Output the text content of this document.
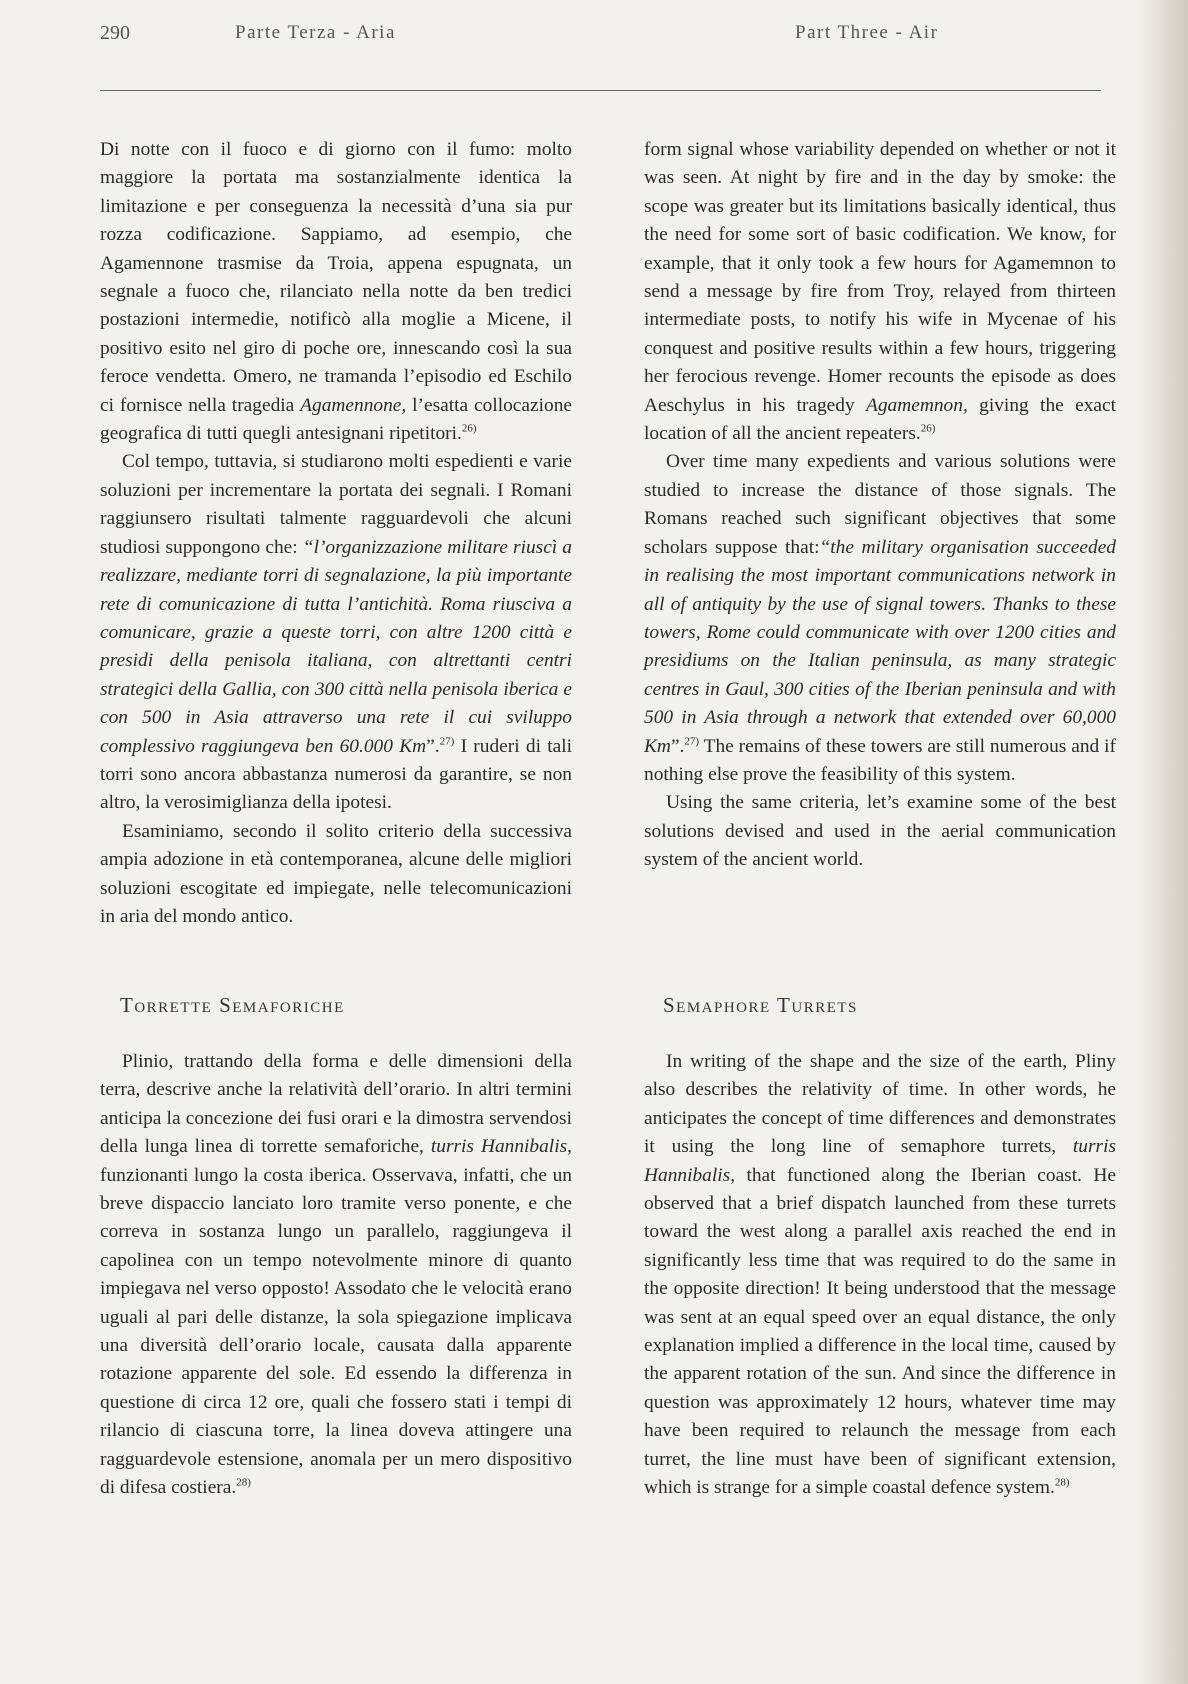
290	Parte Terza - Aria	Part Three - Air

Di notte con il fuoco e di giorno con il fumo: molto maggiore la portata ma sostanzialmente identica la limitazione e per conseguenza la necessità d’una sia pur rozza codificazione. Sappiamo, ad esempio, che Agamennone trasmise da Troia, appena espugnata, un segnale a fuoco che, rilanciato nella notte da ben tredici postazioni intermedie, notificò alla moglie a Micene, il positivo esito nel giro di poche ore, innescando così la sua feroce vendetta. Omero, ne tramanda l’episodio ed Eschilo ci fornisce nella tragedia Agamennone, l’esatta collocazione geografica di tutti quegli antesignani ripetitori.$^{26)}$

Col tempo, tuttavia, si studiarono molti espedienti e varie soluzioni per incrementare la portata dei segnali. I Romani raggiunsero risultati talmente ragguardevoli che alcuni studiosi suppongono che: “l’organizzazione militare riuscì a realizzare, mediante torri di segnalazione, la più importante rete di comunicazione di tutta l’antichità. Roma riusciva a comunicare, grazie a queste torri, con altre 1200 città e presidi della penisola italiana, con altrettanti centri strategici della Gallia, con 300 città nella penisola iberica e con 500 in Asia attraverso una rete il cui sviluppo complessivo raggiungeva ben 60.000 Km”.$^{27)}$ I ruderi di tali torri sono ancora abbastanza numerosi da garantire, se non altro, la verosimiglianza della ipotesi.

Esaminiamo, secondo il solito criterio della successiva ampia adozione in età contemporanea, alcune delle migliori soluzioni escogitate ed impiegate, nelle telecomunicazioni in aria del mondo antico.

form signal whose variability depended on whether or not it was seen. At night by fire and in the day by smoke: the scope was greater but its limitations basically identical, thus the need for some sort of basic codification. We know, for example, that it only took a few hours for Agamemnon to send a message by fire from Troy, relayed from thirteen intermediate posts, to notify his wife in Mycenae of his conquest and positive results within a few hours, triggering her ferocious revenge. Homer recounts the episode as does Aeschylus in his tragedy Agamemnon, giving the exact location of all the ancient repeaters.$^{26)}$

Over time many expedients and various solutions were studied to increase the distance of those signals. The Romans reached such significant objectives that some scholars suppose that:“the military organisation succeeded in realising the most important communications network in all of antiquity by the use of signal towers. Thanks to these towers, Rome could communicate with over 1200 cities and presidiums on the Italian peninsula, as many strategic centres in Gaul, 300 cities of the Iberian peninsula and with 500 in Asia through a network that extended over 60,000 Km”.$^{27)}$ The remains of these towers are still numerous and if nothing else prove the feasibility of this system.

Using the same criteria, let’s examine some of the best solutions devised and used in the aerial communication system of the ancient world.

Torrette Semaforiche	Semaphore Turrets

Plinio, trattando della forma e delle dimensioni della terra, descrive anche la relatività dell’orario. In altri termini anticipa la concezione dei fusi orari e la dimostra servendosi della lunga linea di torrette semaforiche, turris Hannibalis, funzionanti lungo la costa iberica. Osservava, infatti, che un breve dispaccio lanciato loro tramite verso ponente, e che correva in sostanza lungo un parallelo, raggiungeva il capolinea con un tempo notevolmente minore di quanto impiegava nel verso opposto! Assodato che le velocità erano uguali al pari delle distanze, la sola spiegazione implicava una diversità dell’orario locale, causata dalla apparente rotazione apparente del sole. Ed essendo la differenza in questione di circa 12 ore, quali che fossero stati i tempi di rilancio di ciascuna torre, la linea doveva attingere una ragguardevole estensione, anomala per un mero dispositivo di difesa costiera.$^{28)}$

In writing of the shape and the size of the earth, Pliny also describes the relativity of time. In other words, he anticipates the concept of time differences and demonstrates it using the long line of semaphore turrets, turris Hannibalis, that functioned along the Iberian coast. He observed that a brief dispatch launched from these turrets toward the west along a parallel axis reached the end in significantly less time that was required to do the same in the opposite direction! It being understood that the message was sent at an equal speed over an equal distance, the only explanation implied a difference in the local time, caused by the apparent rotation of the sun. And since the difference in question was approximately 12 hours, whatever time may have been required to relaunch the message from each turret, the line must have been of significant extension, which is strange for a simple coastal defence system.$^{28)}$
